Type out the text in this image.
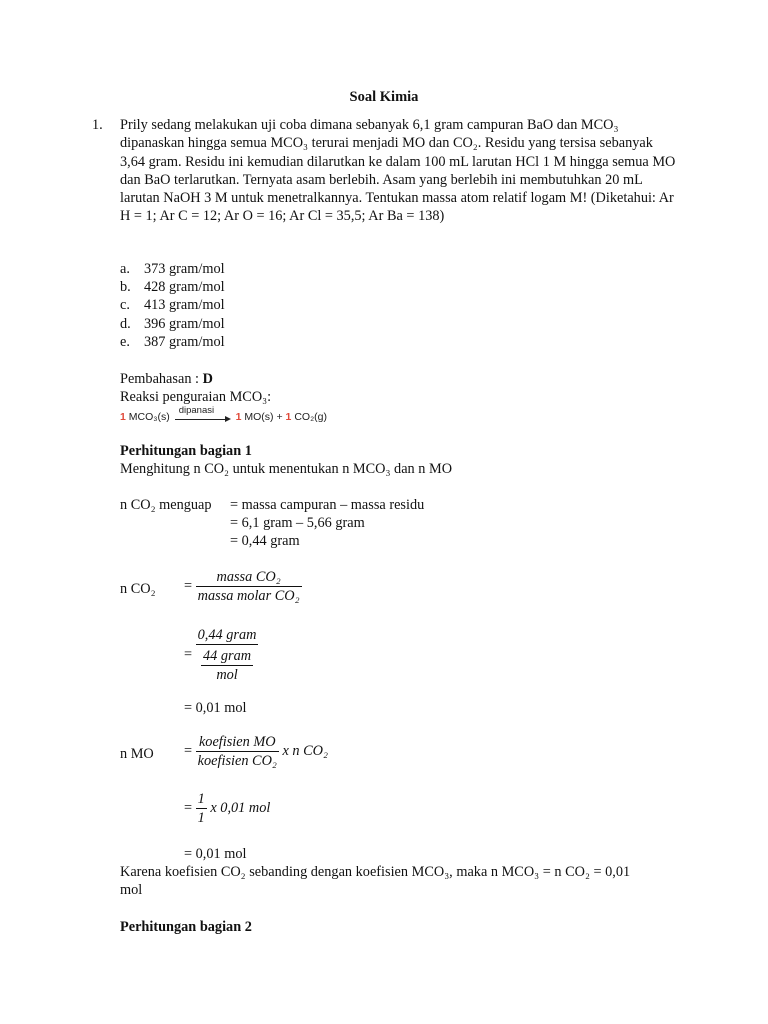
Soal Kimia
1. Prily sedang melakukan uji coba dimana sebanyak 6,1 gram campuran BaO dan MCO₃ dipanaskan hingga semua MCO₃ terurai menjadi MO dan CO₂. Residu yang tersisa sebanyak 3,64 gram. Residu ini kemudian dilarutkan ke dalam 100 mL larutan HCl 1 M hingga semua MO dan BaO terlarutkan. Ternyata asam berlebih. Asam yang berlebih ini membutuhkan 20 mL larutan NaOH 3 M untuk menetralkannya. Tentukan massa atom relatif logam M! (Diketahui: Ar H = 1; Ar C = 12; Ar O = 16; Ar Cl = 35,5; Ar Ba = 138)
a. 373 gram/mol
b. 428 gram/mol
c. 413 gram/mol
d. 396 gram/mol
e. 387 gram/mol
Pembahasan : D
Reaksi penguraian MCO₃:
1 MCO₃(s)
dipanasi
1 MO(s) + 1 CO₂(g)
Perhitungan bagian 1
Menghitung n CO₂ untuk menentukan n MCO₃ dan n MO
n CO₂ menguap = massa campuran – massa residu
= 6,1 gram – 5,66 gram
= 0,44 gram
n $CO_2 = \frac{\text{massa CO₂}}{\text{massa molar CO₂}}$
= $\frac{\text{0,44 gram}}{\frac{\text{44 gram}}{\text{mol}}}$
= 0,01 mol
n MO = $\frac{\text{koefisien MO}}{\text{koefisien CO₂}}$ x n CO₂
= $\frac{1}{1}$ x 0,01 mol
= 0,01 mol
Karena koefisien CO₂ sebanding dengan koefisien MCO₃, maka n MCO₃ = n CO₂ = 0,01
mol
Perhitungan bagian 2
